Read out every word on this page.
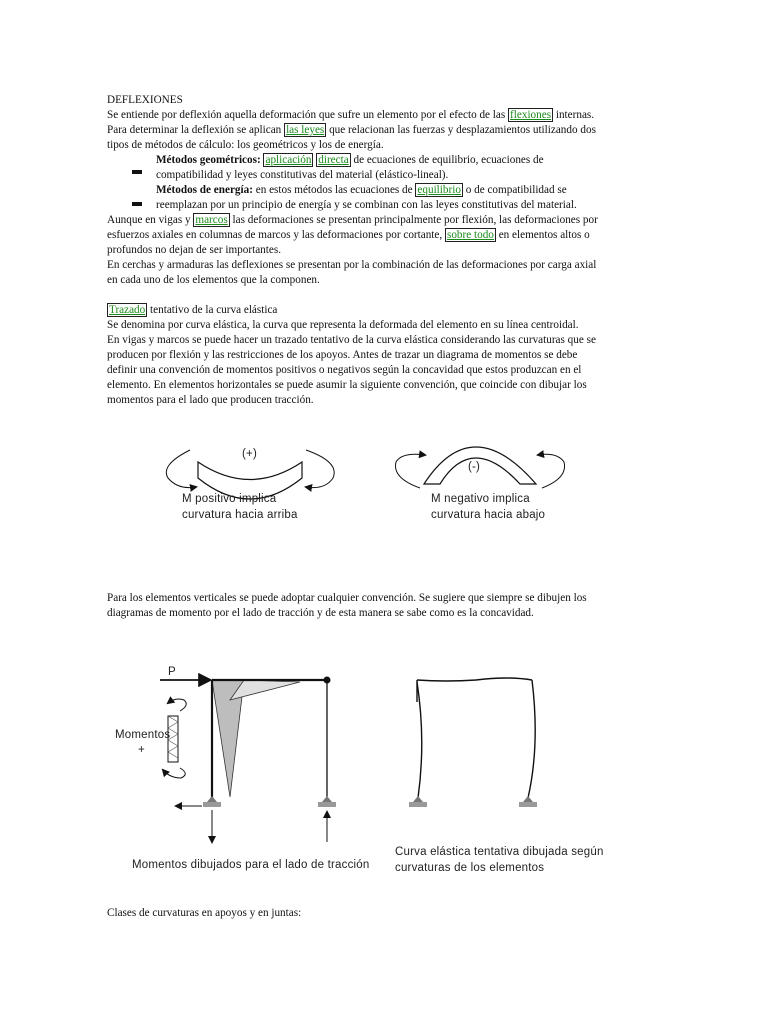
DEFLEXIONES

Se entiende por deflexión aquella deformación que sufre un elemento por el efecto de las flexiones internas.

Para determinar la deflexión se aplican las leyes que relacionan las fuerzas y desplazamientos utilizando dos

tipos de métodos de cálculo: los geométricos y los de energía.

Métodos geométricos: aplicación directa de ecuaciones de equilibrio, ecuaciones de

compatibilidad y leyes constitutivas del material (elástico-lineal).

Métodos de energía: en estos métodos las ecuaciones de equilibrio o de compatibilidad se

reemplazan por un principio de energía y se combinan con las leyes constitutivas del material.

Aunque en vigas y marcos las deformaciones se presentan principalmente por flexión, las deformaciones por

esfuerzos axiales en columnas de marcos y las deformaciones por cortante, sobre todo en elementos altos o

profundos no dejan de ser importantes.

En cerchas y armaduras las deflexiones se presentan por la combinación de las deformaciones por carga axial

en cada uno de los elementos que la componen.

Trazado tentativo de la curva elástica

Se denomina por curva elástica, la curva que representa la deformada del elemento en su línea centroidal.

En vigas y marcos se puede hacer un trazado tentativo de la curva elástica considerando las curvaturas que se

producen por flexión y las restricciones de los apoyos. Antes de trazar un diagrama de momentos se debe

definir una convención de momentos positivos o negativos según la concavidad que estos produzcan en el

elemento. En elementos horizontales se puede asumir la siguiente convención, que coincide con dibujar los

momentos para el lado que producen tracción.

(+)
(-)
M positivo implica
curvatura hacia arriba
M negativo implica
curvatura hacia abajo

Para los elementos verticales se puede adoptar cualquier convención. Se sugiere que siempre se dibujen los

diagramas de momento por el lado de tracción y de esta manera se sabe como es la concavidad.

P
Momentos
+
Momentos dibujados para el lado de tracción
Curva elástica tentativa dibujada según
curvaturas de los elementos
Clases de curvaturas en apoyos y en juntas:
